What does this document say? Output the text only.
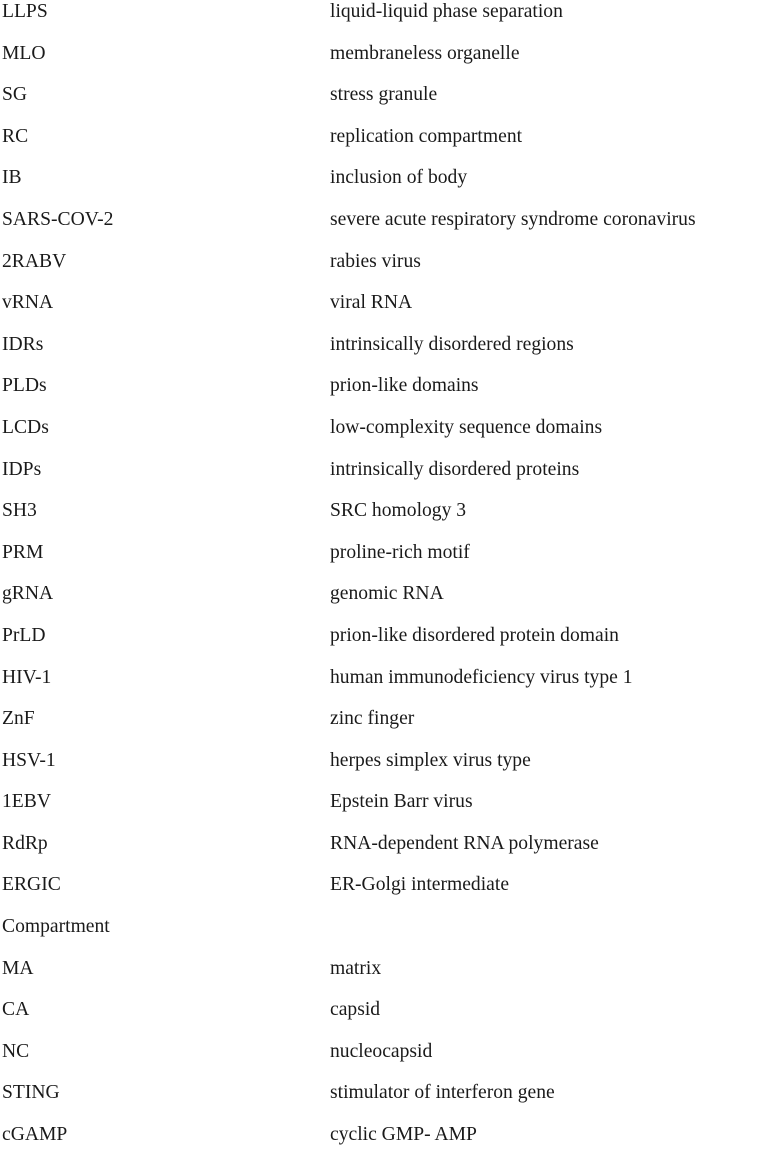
LLPS	liquid-liquid phase separation
MLO	membraneless organelle
SG	stress granule
RC	replication compartment
IB	inclusion of body
SARS-COV-2	severe acute respiratory syndrome coronavirus
2RABV	rabies virus
vRNA	viral RNA
IDRs	intrinsically disordered regions
PLDs	prion-like domains
LCDs	low-complexity sequence domains
IDPs	intrinsically disordered proteins
SH3	SRC homology 3
PRM	proline-rich motif
gRNA	genomic RNA
PrLD	prion-like disordered protein domain
HIV-1	human immunodeficiency virus type 1
ZnF	zinc finger
HSV-1	herpes simplex virus type
1EBV	Epstein Barr virus
RdRp	RNA-dependent RNA polymerase
ERGIC	ER-Golgi intermediate
Compartment
MA	matrix
CA	capsid
NC	nucleocapsid
STING	stimulator of interferon gene
cGAMP	cyclic GMP- AMP
